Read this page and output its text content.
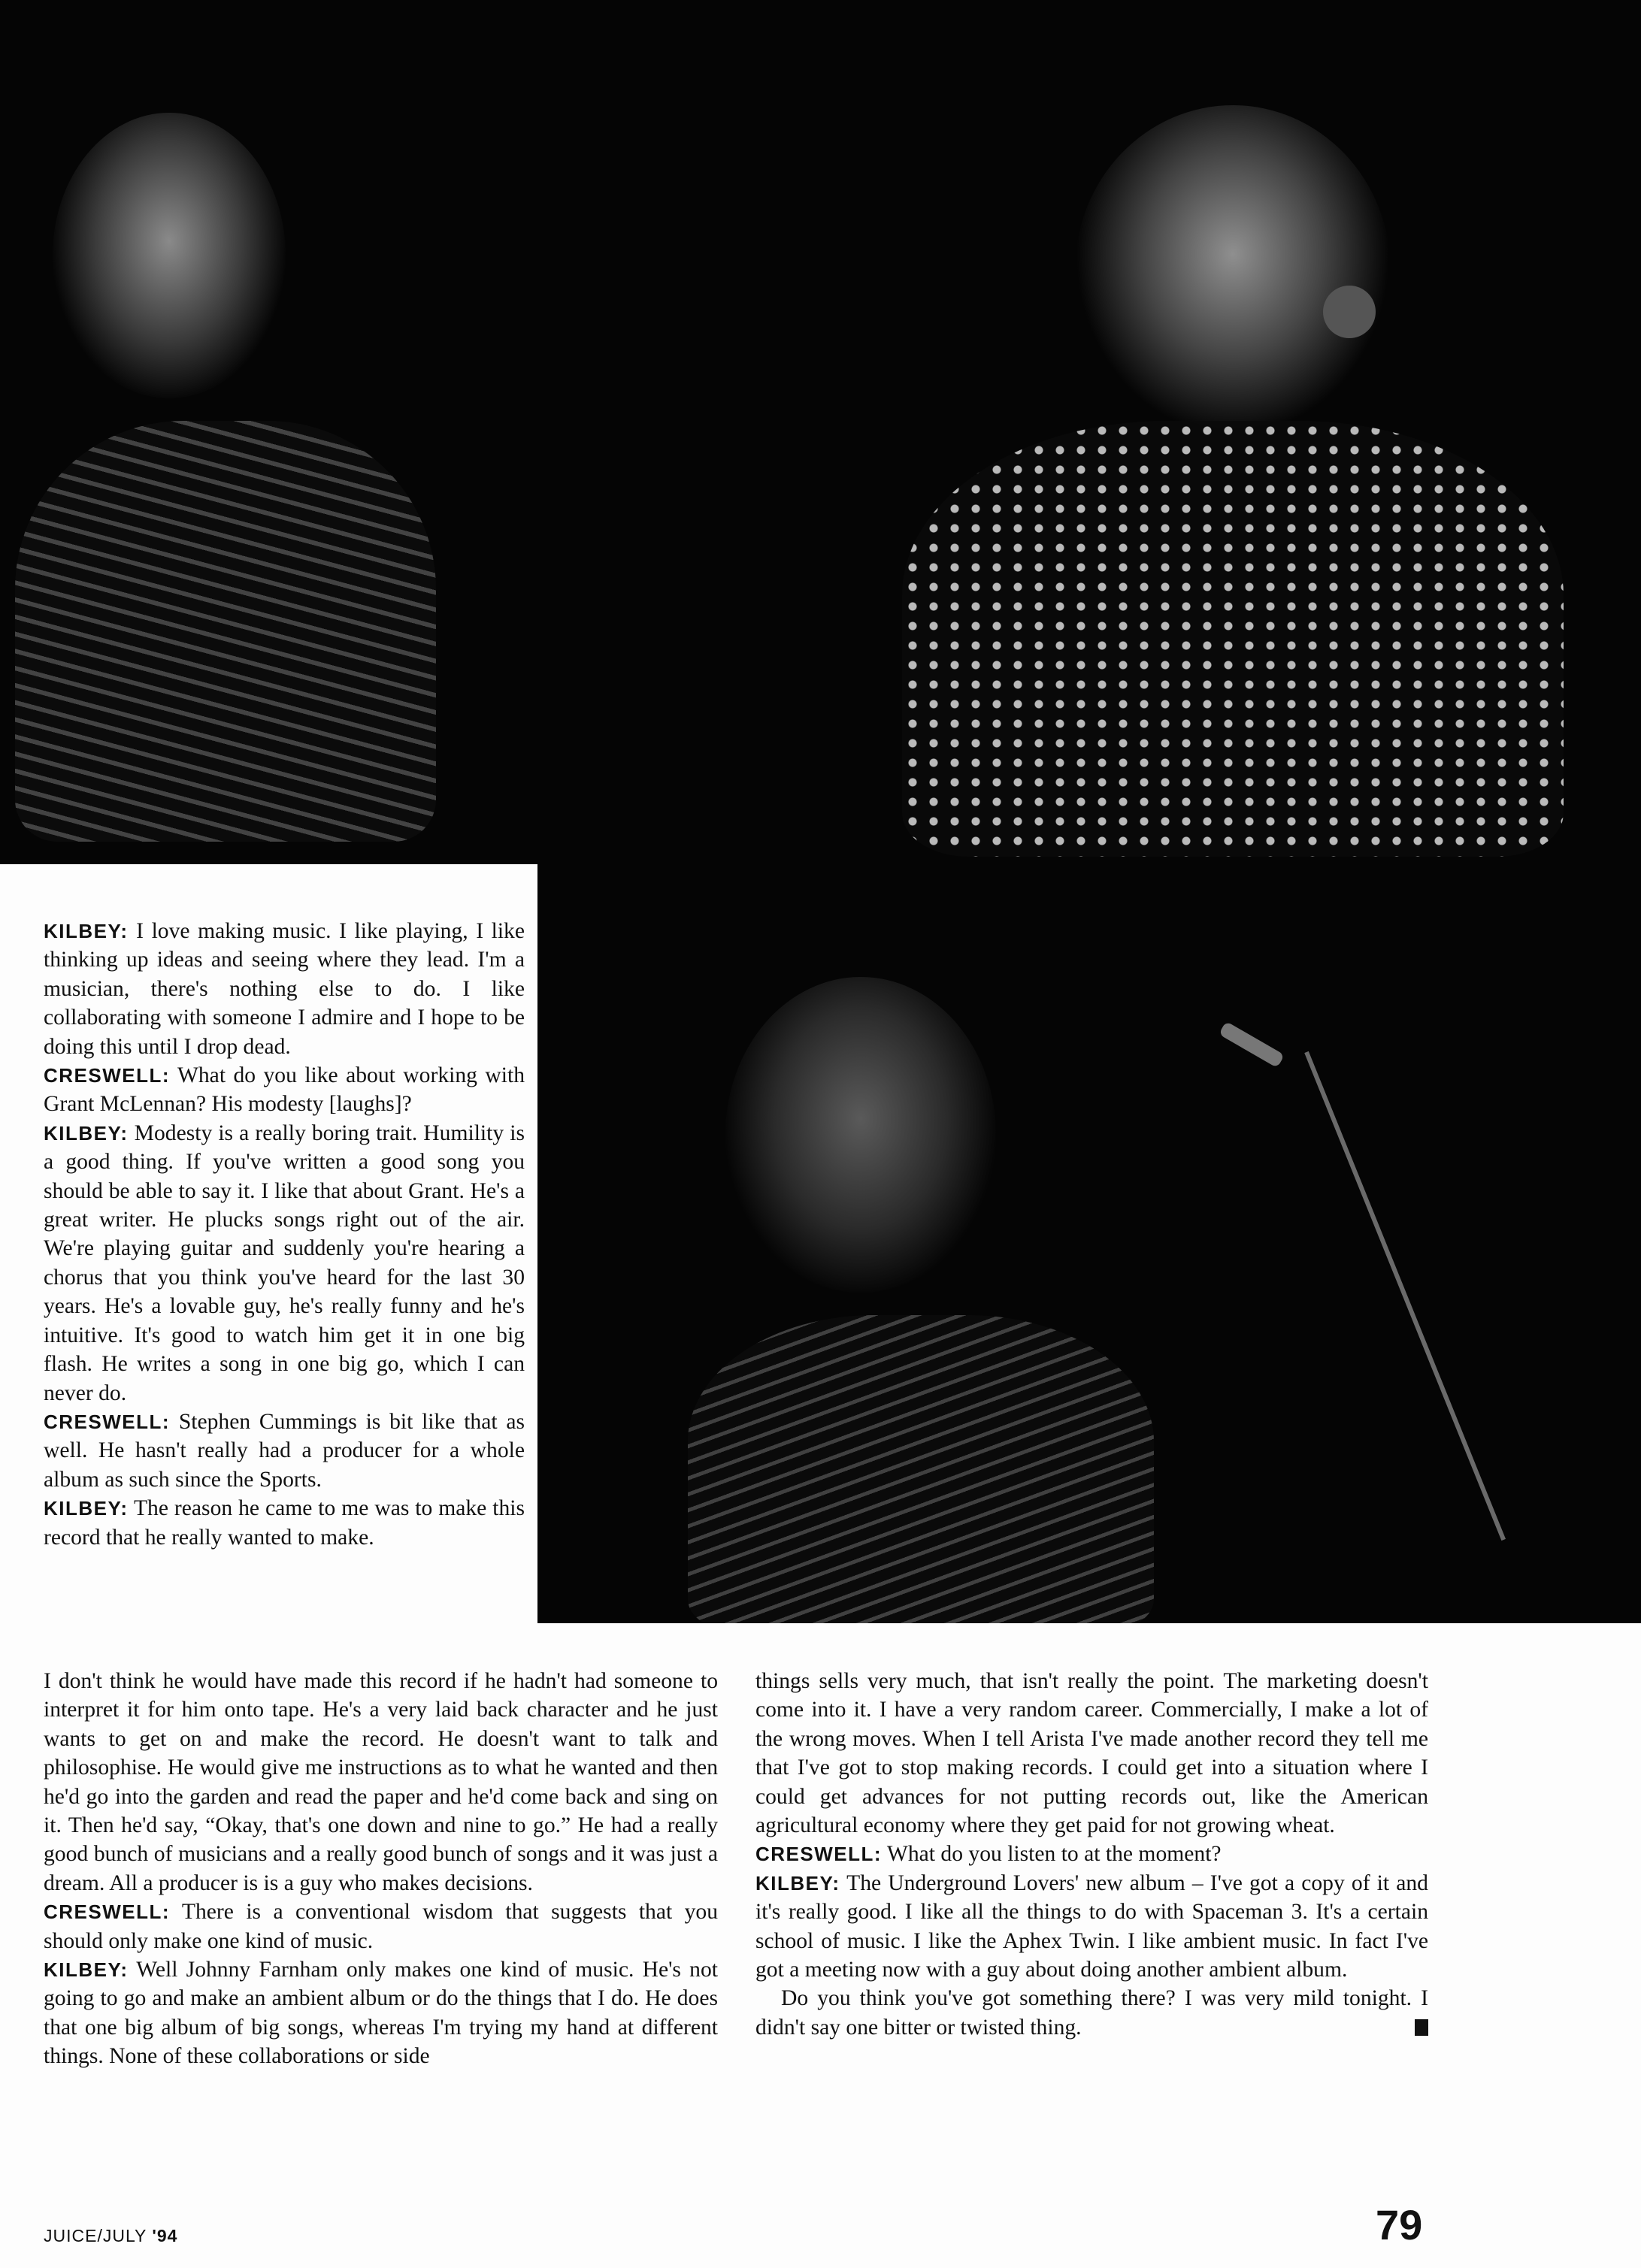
KILBEY: I love making music. I like playing, I like thinking up ideas and seeing where they lead. I'm a musician, there's nothing else to do. I like collaborating with someone I admire and I hope to be doing this until I drop dead.

CRESWELL: What do you like about working with Grant McLennan? His modesty [laughs]?

KILBEY: Modesty is a really boring trait. Humility is a good thing. If you've written a good song you should be able to say it. I like that about Grant. He's a great writer. He plucks songs right out of the air. We're playing guitar and suddenly you're hearing a chorus that you think you've heard for the last 30 years. He's a lovable guy, he's really funny and he's intuitive. It's good to watch him get it in one big flash. He writes a song in one big go, which I can never do.

CRESWELL: Stephen Cummings is bit like that as well. He hasn't really had a producer for a whole album as such since the Sports.

KILBEY: The reason he came to me was to make this record that he really wanted to make.

I don't think he would have made this record if he hadn't had someone to interpret it for him onto tape. He's a very laid back character and he just wants to get on and make the record. He doesn't want to talk and philosophise. He would give me instructions as to what he wanted and then he'd go into the garden and read the paper and he'd come back and sing on it. Then he'd say, “Okay, that's one down and nine to go.” He had a really good bunch of musicians and a really good bunch of songs and it was just a dream. All a producer is is a guy who makes decisions.

CRESWELL: There is a conventional wisdom that suggests that you should only make one kind of music.

KILBEY: Well Johnny Farnham only makes one kind of music. He's not going to go and make an ambient album or do the things that I do. He does that one big album of big songs, whereas I'm trying my hand at different things. None of these collaborations or side

things sells very much, that isn't really the point. The marketing doesn't come into it. I have a very random career. Commercially, I make a lot of the wrong moves. When I tell Arista I've made another record they tell me that I've got to stop making records. I could get into a situation where I could get advances for not putting records out, like the American agricultural economy where they get paid for not growing wheat.

CRESWELL: What do you listen to at the moment?

KILBEY: The Underground Lovers' new album – I've got a copy of it and it's really good. I like all the things to do with Spaceman 3. It's a certain school of music. I like the Aphex Twin. I like ambient music. In fact I've got a meeting now with a guy about doing another ambient album.

Do you think you've got something there? I was very mild tonight. I didn't say one bitter or twisted thing.

JUICE/JULY '94	79
